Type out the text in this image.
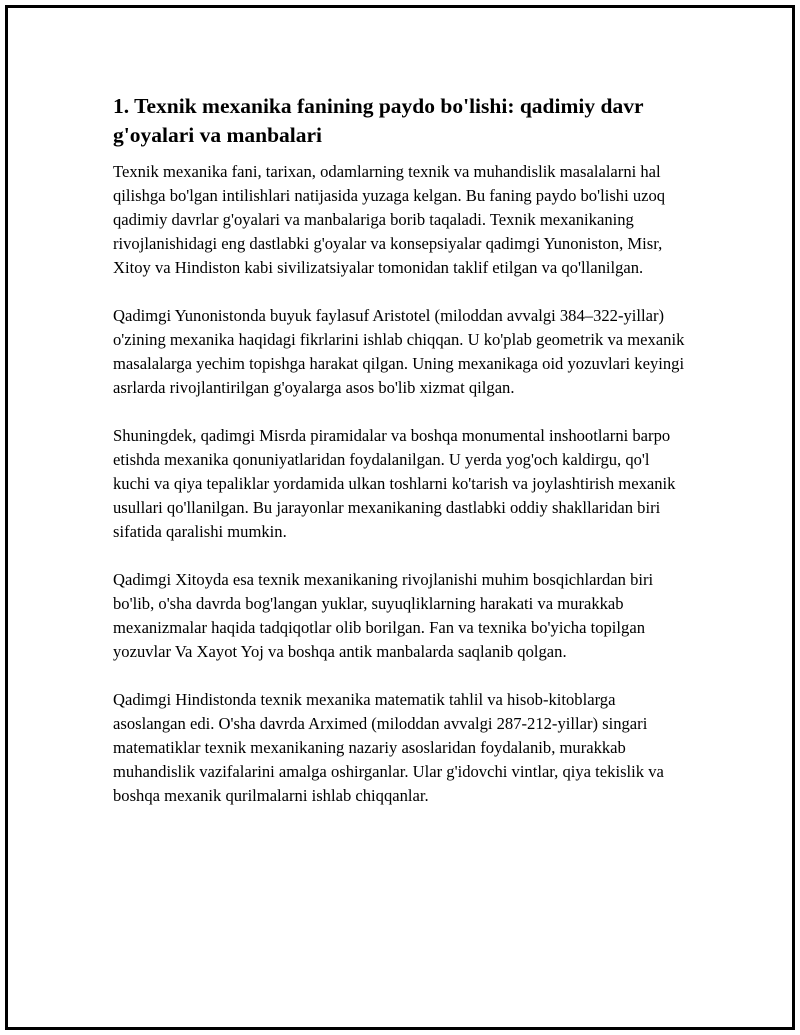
1. Texnik mexanika fanining paydo bo'lishi: qadimiy davr g'oyalari va manbalari

Texnik mexanika fani, tarixan, odamlarning texnik va muhandislik masalalarni hal qilishga bo'lgan intilishlari natijasida yuzaga kelgan. Bu faning paydo bo'lishi uzoq qadimiy davrlar g'oyalari va manbalariga borib taqaladi. Texnik mexanikaning rivojlanishidagi eng dastlabki g'oyalar va konsepsiyalar qadimgi Yunoniston, Misr, Xitoy va Hindiston kabi sivilizatsiyalar tomonidan taklif etilgan va qo'llanilgan.

Qadimgi Yunonistonda buyuk faylasuf Aristotel (miloddan avvalgi 384–322-yillar) o'zining mexanika haqidagi fikrlarini ishlab chiqqan. U ko'plab geometrik va mexanik masalalarga yechim topishga harakat qilgan. Uning mexanikaga oid yozuvlari keyingi asrlarda rivojlantirilgan g'oyalarga asos bo'lib xizmat qilgan.

Shuningdek, qadimgi Misrda piramidalar va boshqa monumental inshootlarni barpo etishda mexanika qonuniyatlaridan foydalanilgan. U yerda yog'och kaldirgu, qo'l kuchi va qiya tepaliklar yordamida ulkan toshlarni ko'tarish va joylashtirish mexanik usullari qo'llanilgan. Bu jarayonlar mexanikaning dastlabki oddiy shakllaridan biri sifatida qaralishi mumkin.

Qadimgi Xitoyda esa texnik mexanikaning rivojlanishi muhim bosqichlardan biri bo'lib, o'sha davrda bog'langan yuklar, suyuqliklarning harakati va murakkab mexanizmalar haqida tadqiqotlar olib borilgan. Fan va texnika bo'yicha topilgan yozuvlar Va Xayot Yoj va boshqa antik manbalarda saqlanib qolgan.

Qadimgi Hindistonda texnik mexanika matematik tahlil va hisob-kitoblarga asoslangan edi. O'sha davrda Arximed (miloddan avvalgi 287-212-yillar) singari matematiklar texnik mexanikaning nazariy asoslaridan foydalanib, murakkab muhandislik vazifalarini amalga oshirganlar. Ular g'idovchi vintlar, qiya tekislik va boshqa mexanik qurilmalarni ishlab chiqqanlar.
